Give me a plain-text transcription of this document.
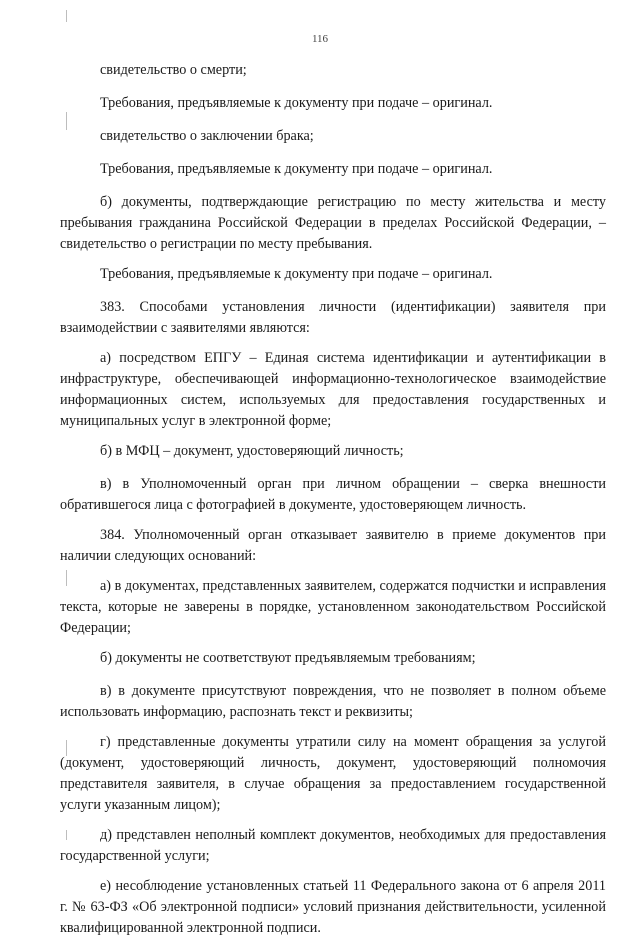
116

свидетельство о смерти;

Требования, предъявляемые к документу при подаче – оригинал.

свидетельство о заключении брака;

Требования, предъявляемые к документу при подаче – оригинал.

б) документы, подтверждающие регистрацию по месту жительства и месту пребывания гражданина Российской Федерации в пределах Российской Федерации, – свидетельство о регистрации по месту пребывания.

Требования, предъявляемые к документу при подаче – оригинал.

383. Способами установления личности (идентификации) заявителя при взаимодействии с заявителями являются:

а) посредством ЕПГУ – Единая система идентификации и аутентификации в инфраструктуре, обеспечивающей информационно-технологическое взаимодействие информационных систем, используемых для предоставления государственных и муниципальных услуг в электронной форме;

б) в МФЦ – документ, удостоверяющий личность;

в) в Уполномоченный орган при личном обращении – сверка внешности обратившегося лица с фотографией в документе, удостоверяющем личность.

384. Уполномоченный орган отказывает заявителю в приеме документов при наличии следующих оснований:

а) в документах, представленных заявителем, содержатся подчистки и исправления текста, которые не заверены в порядке, установленном законодательством Российской Федерации;

б) документы не соответствуют предъявляемым требованиям;

в) в документе присутствуют повреждения, что не позволяет в полном объеме использовать информацию, распознать текст и реквизиты;

г) представленные документы утратили силу на момент обращения за услугой (документ, удостоверяющий личность, документ, удостоверяющий полномочия представителя заявителя, в случае обращения за предоставлением государственной услуги указанным лицом);

д) представлен неполный комплект документов, необходимых для предоставления государственной услуги;

е) несоблюдение установленных статьей 11 Федерального закона от 6 апреля 2011 г. № 63-ФЗ «Об электронной подписи» условий признания действительности, усиленной квалифицированной электронной подписи.
